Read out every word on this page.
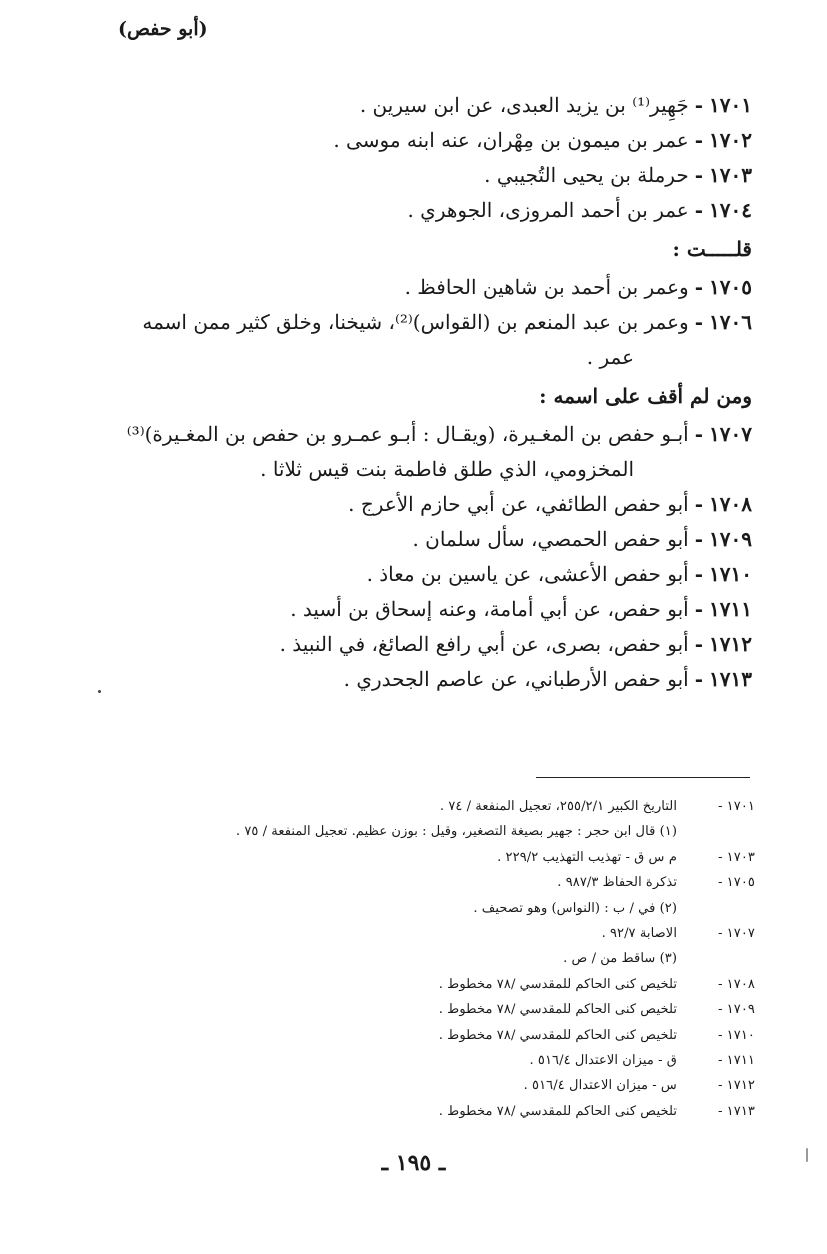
(أبو حفص)
١٧٠١-جَهِير⁽¹⁾ بن يزيد العبدى، عن ابن سيرين .
١٧٠٢-عمر بن ميمون بن مِهْران، عنه ابنه موسى .
١٧٠٣-حرملة بن يحيى التُجيبي .
١٧٠٤-عمر بن أحمد المروزى، الجوهري .
قلـــــت :
١٧٠٥-وعمر بن أحمد بن شاهين الحافظ .
١٧٠٦-وعمر بن عبد المنعم بن (القواس)⁽²⁾، شيخنا، وخلق كثير ممن اسمه
عمر .
ومن لم أقف على اسمه :
١٧٠٧-أبـو حفص بن المغـيرة، (ويقـال : أبـو عمـرو بن حفص بن المغـيرة)⁽³⁾
المخزومي، الذي طلق فاطمة بنت قيس ثلاثا .
١٧٠٨-أبو حفص الطائفي، عن أبي حازم الأعرج .
١٧٠٩-أبو حفص الحمصي، سأل سلمان .
١٧١٠-أبو حفص الأعشى، عن ياسين بن معاذ .
١٧١١-أبو حفص، عن أبي أمامة، وعنه إسحاق بن أسيد .
١٧١٢-أبو حفص، بصرى، عن أبي رافع الصائغ، في النبيذ .
١٧١٣-أبو حفص الأرطباني، عن عاصم الجحدري .
١٧٠١ -التاريخ الكبير ٢٥٥/٢/١، تعجيل المنفعة / ٧٤ .
(١) قال ابن حجر : جهير بصيغة التصغير، وقيل : بوزن عظيم. تعجيل المنفعة / ٧٥ .
١٧٠٣ -م س ق - تهذيب التهذيب ٢٢٩/٢ .
١٧٠٥ -تذكرة الحفاظ ٩٨٧/٣ .
(٢) في / ب : (النواس) وهو تصحيف .
١٧٠٧ -الاصابة ٩٢/٧ .
(٣) ساقط من / ص .
١٧٠٨ -تلخيص كنى الحاكم للمقدسي /٧٨ مخطوط .
١٧٠٩ -تلخيص كنى الحاكم للمقدسي /٧٨ مخطوط .
١٧١٠ -تلخيص كنى الحاكم للمقدسي /٧٨ مخطوط .
١٧١١ -ق - ميزان الاعتدال ٥١٦/٤ .
١٧١٢ -س - ميزان الاعتدال ٥١٦/٤ .
١٧١٣ -تلخيص كنى الحاكم للمقدسي /٧٨ مخطوط .
ـ ١٩٥ ـ
